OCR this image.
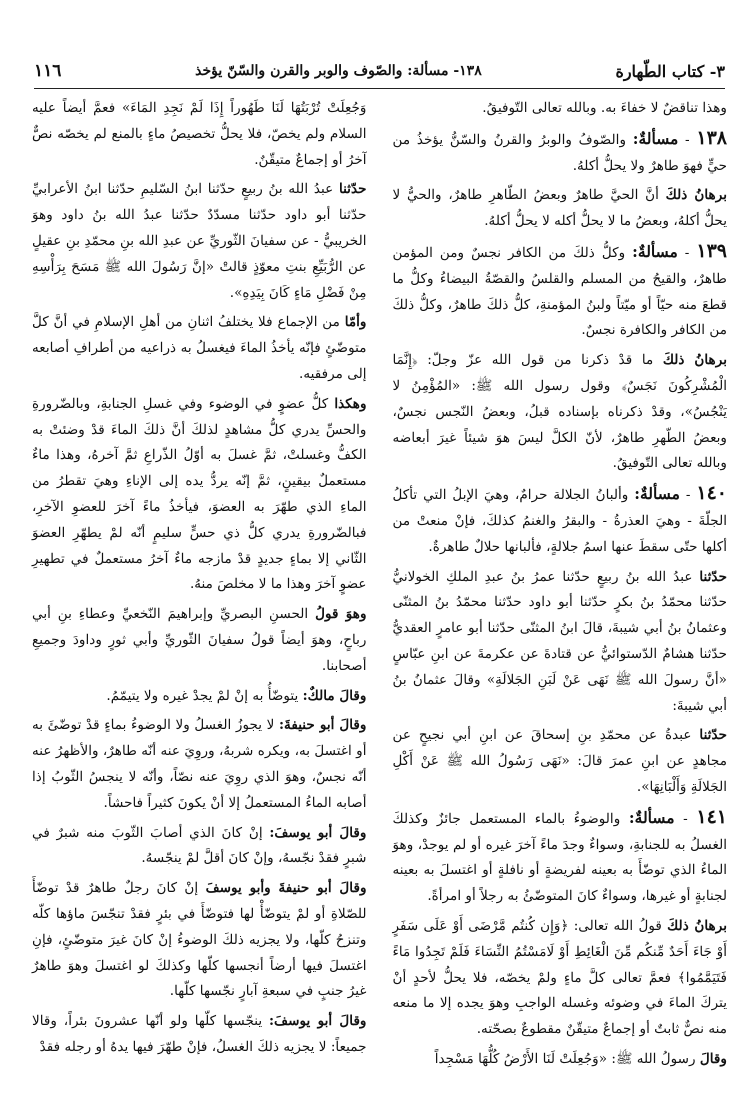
٣- كتاب الطّهارة
١٣٨- مسألة: والصّوف والوبر والقرن والسّنّ يؤخذ
١١٦

وهذا تناقضٌ لا خفاءَ به. وبالله تعالى التّوفيقُ.

١٣٨ - مسألةٌ: والصّوفُ والوبرُ والقرنُ والسّنُّ يؤخذُ من حيٍّ فهوَ طاهرٌ ولا يحلُّ أكلهُ.

برهانُ ذلكَ أنَّ الحيَّ طاهرٌ وبعضُ الطّاهرِ طاهرٌ، والحيُّ لا يحلُّ أكلهُ، وبعضُ ما لا يحلُّ أكله لا يحلُّ أكلهُ.

١٣٩ - مسألةٌ: وكلُّ ذلكَ من الكافر نجسٌ ومن المؤمن طاهرٌ، والقيحُ من المسلم والقلسُ والقصّةُ البيضاءُ وكلُّ ما قطعَ منه حيّاً أو ميّتاً ولبنُ المؤمنةِ، كلُّ ذلكَ طاهرٌ، وكلُّ ذلكَ من الكافر والكافرة نجسٌ.

برهانُ ذلكَ ما قدْ ذكرنا من قول الله عزّ وجلّ: ﴿إِنَّمَا الْمُشْرِكُونَ نَجَسٌ﴾ وقول رسول الله ﷺ: «المُؤْمِنُ لا يَنْجُسُ»، وقدْ ذكرناه بإسناده قبلُ، وبعضُ النّجس نجسٌ، وبعضُ الطّهرِ طاهرٌ، لأنّ الكلَّ ليسَ هوَ شيئاً غيرَ أبعاضه وبالله تعالى التّوفيقُ.

١٤٠ - مسألةٌ: وألبانُ الجلالة حرامٌ، وهيَ الإبلُ التي تأكلُ الجلّةَ - وهيَ العذرةُ - والبقرُ والغنمُ كذلكَ، فإنْ منعتْ من أكلها حتّى سقطَ عنها اسمُ جلالةٍ، فألبانها حلالٌ طاهرةٌ.

حدّثنا عبدُ الله بنُ ربيعٍ حدّثنا عمرُ بنُ عبدِ الملكِ الخولانيُّ حدّثنا محمّدُ بنُ بكرٍ حدّثنا أبو داود حدّثنا محمّدُ بنُ المثنّى وعثمانُ بنُ أبي شيبةَ، قالَ ابنُ المثنّى حدّثنا أبو عامرٍ العقديُّ حدّثنا هشامٌ الدّستوائيُّ عن قتادةَ عن عكرمةَ عن ابنِ عبّاسٍ «أنَّ رسولَ الله ﷺ نَهَى عَنْ لَبَنِ الجَلالَةِ» وقالَ عثمانُ بنُ أبي شيبةَ:

حدّثنا عبدةُ عن محمّدِ بنِ إسحاقَ عن ابنِ أبي نجيحٍ عن مجاهدٍ عن ابنِ عمرَ قالَ: «نَهَى رَسُولُ الله ﷺ عَنْ أَكْلِ الجَلالَةِ وَأَلْبَانِهَا».

١٤١ - مسألةٌ: والوضوءُ بالماء المستعمل جائزٌ وكذلكَ الغسلُ به للجنابةِ، وسواءٌ وجدَ ماءً آخرَ غيره أو لم يوجدْ، وهوَ الماءُ الذي توضّأَ به بعينه لفريضةٍ أو نافلةٍ أو اغتسلَ به بعينه لجنابةٍ أو غيرها، وسواءٌ كانَ المتوضّئُ به رجلاً أو امرأةً.

برهانُ ذلكَ قولُ الله تعالى: ﴿وَإِن كُنتُم مَّرْضَى أَوْ عَلَى سَفَرٍ أَوْ جَاءَ أَحَدٌ مِّنكُم مِّنَ الْغَائِطِ أَوْ لَامَسْتُمُ النِّسَاءَ فَلَمْ تَجِدُوا مَاءً فَتَيَمَّمُوا﴾ فعمَّ تعالى كلَّ ماءٍ ولمْ يخصّه، فلا يحلُّ لأحدٍ أنْ يتركَ الماءَ في وضوئه وغسله الواجبِ وهوَ يجده إلا ما منعه منه نصٌّ ثابتٌ أو إجماعٌ متيقّنٌ مقطوعٌ بصحّته.

وقالَ رسولُ الله ﷺ: «وَجُعِلَتْ لَنَا الأَرْضُ كُلُّهَا مَسْجِداً

وَجُعِلَتْ تُرْبَتُهَا لَنَا طَهُوراً إِذَا لَمْ نَجِدِ المَاءَ» فعمَّ أيضاً عليه السلام ولم يخصّ، فلا يحلُّ تخصيصُ ماءٍ بالمنع لم يخصّه نصٌّ آخرُ أو إجماعٌ متيقّنٌ.

حدّثنا عبدُ الله بنُ ربيعٍ حدّثنا ابنُ السّليمِ حدّثنا ابنُ الأعرابيِّ حدّثنا أبو داود حدّثنا مسدّدٌ حدّثنا عبدُ الله بنُ داود وهوَ الخريبيُّ - عن سفيانَ الثّوريِّ عن عبدِ الله بنِ محمّدِ بنِ عقيلٍ عن الرُّبَيِّعِ بنتِ معوّذٍ قالتْ «إنَّ رَسُولَ الله ﷺ مَسَحَ بِرَأْسِهِ مِنْ فَضْلِ مَاءٍ كَانَ بِيَدِهِ».

وأمّا من الإجماع فلا يختلفُ اثنانِ من أهلِ الإسلامِ في أنَّ كلَّ متوضّئٍ فإنّه يأخذُ الماءَ فيغسلُ به ذراعيه من أطرافِ أصابعه إلى مرفقيه.

وهكذا كلُّ عضوٍ في الوضوء وفي غسلِ الجنابةِ، وبالضّرورةِ والحسِّ يدري كلُّ مشاهدٍ لذلكَ أنَّ ذلكَ الماءَ قدْ وضئتْ به الكفُّ وغسلتْ، ثمَّ غسلَ به أوّلُ الذّراعِ ثمَّ آخرهُ، وهذا ماءٌ مستعملٌ بيقينٍ، ثمَّ إنّه يردُّ يده إلى الإناءِ وهيَ تقطرُ من الماءِ الذي طهّرَ به العضوَ، فيأخذُ ماءً آخرَ للعضوِ الآخرِ، فبالضّرورةِ يدري كلُّ ذي حسٍّ سليمٍ أنّه لمْ يطهّرِ العضوَ الثّاني إلا بماءٍ جديدٍ قدْ مازجه ماءٌ آخرُ مستعملٌ في تطهيرِ عضوٍ آخرَ وهذا ما لا مخلصَ منهُ.

وهوَ قولُ الحسنِ البصريِّ وإبراهيمَ النّخعيِّ وعطاءِ بنِ أبي رباحٍ، وهوَ أيضاً قولُ سفيانَ الثّوريِّ وأبي ثورٍ وداودَ وجميعِ أصحابنا.

وقالَ مالكٌ: يتوضّأُ به إنْ لمْ يجدْ غيره ولا يتيمّمُ.

وقالَ أبو حنيفةَ: لا يجوزُ الغسلُ ولا الوضوءُ بماءٍ قدْ توضّئَ به أو اغتسلَ به، ويكره شربهُ، وروِيَ عنه أنّه طاهرٌ، والأظهرُ عنه أنّه نجسٌ، وهوَ الذي روِيَ عنه نصّاً، وأنّه لا ينجسُ الثّوبُ إذا أصابه الماءُ المستعملُ إلا أنْ يكونَ كثيراً فاحشاً.

وقالَ أبو يوسفَ: إنْ كانَ الذي أصابَ الثّوبَ منه شبرٌ في شبرٍ فقدْ نجّسهُ، وإنْ كانَ أقلَّ لمْ ينجّسهُ.

وقالَ أبو حنيفةَ وأبو يوسفَ إنْ كانَ رجلٌ طاهرٌ قدْ توضّأَ للصّلاةِ أو لمْ يتوضّأْ لها فتوضّأَ في بئرٍ فقدْ تنجّسَ ماؤها كلّه وتنزحُ كلّها، ولا يجزيه ذلكَ الوضوءُ إنْ كانَ غيرَ متوضّئٍ، فإنِ اغتسلَ فيها أرضاً أنجسها كلّها وكذلكَ لو اغتسلَ وهوَ طاهرٌ غيرُ جنبٍ في سبعةِ آبارٍ نجّسها كلّها.

وقالَ أبو يوسفَ: ينجّسها كلّها ولو أنّها عشرونَ بئراً، وقالا جميعاً: لا يجزيه ذلكَ الغسلُ، فإنْ طهّرَ فيها يدهُ أو رجله فقدْ
